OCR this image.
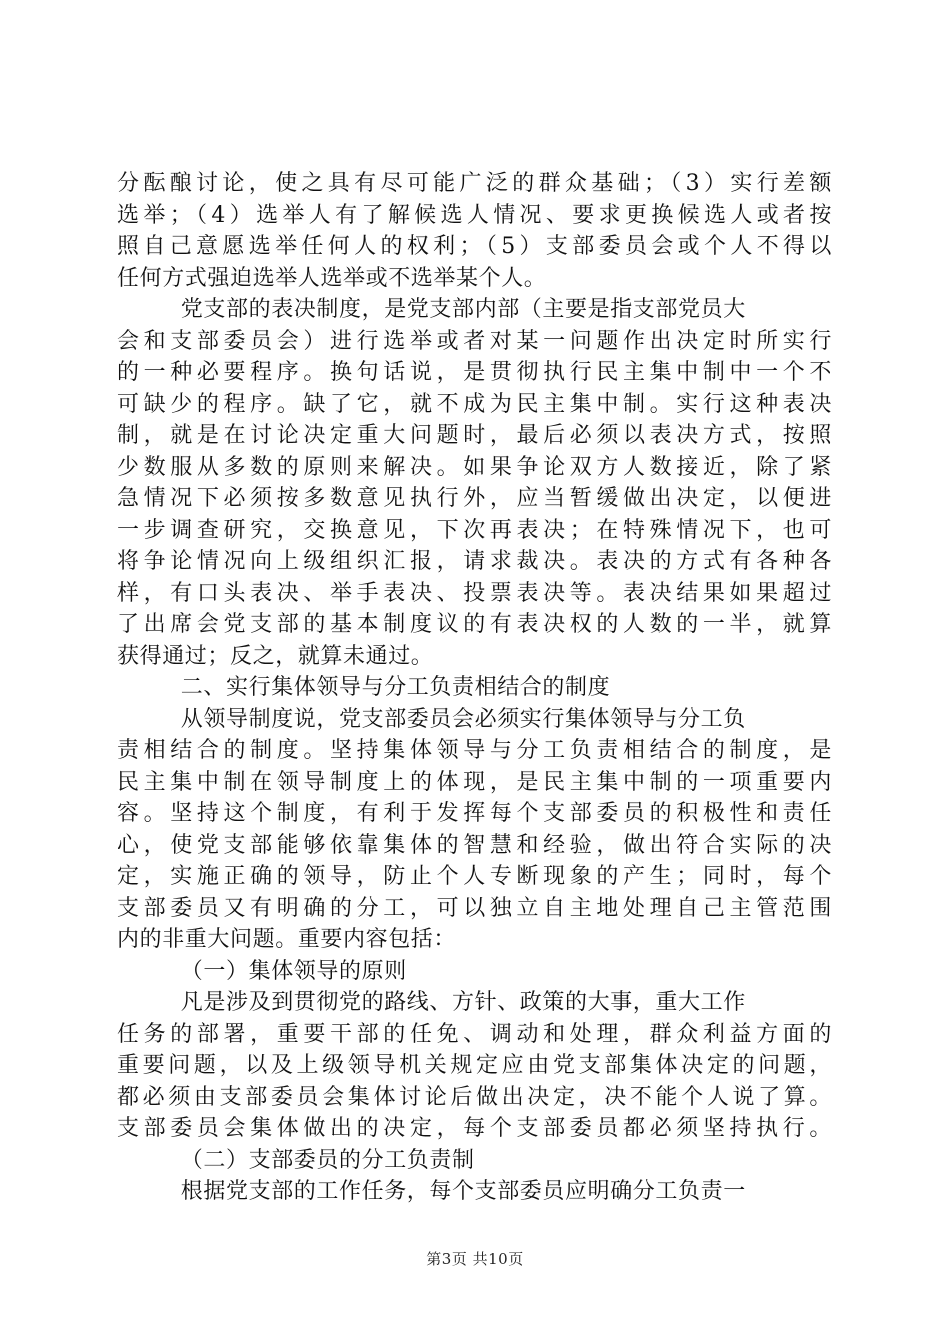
分酝酿讨论，使之具有尽可能广泛的群众基础；（3）实行差额
选举；（4）选举人有了解候选人情况、要求更换候选人或者按
照自己意愿选举任何人的权利；（5）支部委员会或个人不得以
任何方式强迫选举人选举或不选举某个人。
党支部的表决制度，是党支部内部（主要是指支部党员大
会和支部委员会）进行选举或者对某一问题作出决定时所实行
的一种必要程序。换句话说，是贯彻执行民主集中制中一个不
可缺少的程序。缺了它，就不成为民主集中制。实行这种表决
制，就是在讨论决定重大问题时，最后必须以表决方式，按照
少数服从多数的原则来解决。如果争论双方人数接近，除了紧
急情况下必须按多数意见执行外，应当暂缓做出决定，以便进
一步调查研究，交换意见，下次再表决；在特殊情况下，也可
将争论情况向上级组织汇报，请求裁决。表决的方式有各种各
样，有口头表决、举手表决、投票表决等。表决结果如果超过
了出席会党支部的基本制度议的有表决权的人数的一半，就算
获得通过；反之，就算未通过。
二、实行集体领导与分工负责相结合的制度
从领导制度说，党支部委员会必须实行集体领导与分工负
责相结合的制度。坚持集体领导与分工负责相结合的制度，是
民主集中制在领导制度上的体现，是民主集中制的一项重要内
容。坚持这个制度，有利于发挥每个支部委员的积极性和责任
心，使党支部能够依靠集体的智慧和经验，做出符合实际的决
定，实施正确的领导，防止个人专断现象的产生；同时，每个
支部委员又有明确的分工，可以独立自主地处理自己主管范围
内的非重大问题。重要内容包括：
（一）集体领导的原则
凡是涉及到贯彻党的路线、方针、政策的大事，重大工作
任务的部署，重要干部的任免、调动和处理，群众利益方面的
重要问题，以及上级领导机关规定应由党支部集体决定的问题，
都必须由支部委员会集体讨论后做出决定，决不能个人说了算。
支部委员会集体做出的决定，每个支部委员都必须坚持执行。
（二）支部委员的分工负责制
根据党支部的工作任务，每个支部委员应明确分工负责一
第3页 共10页
